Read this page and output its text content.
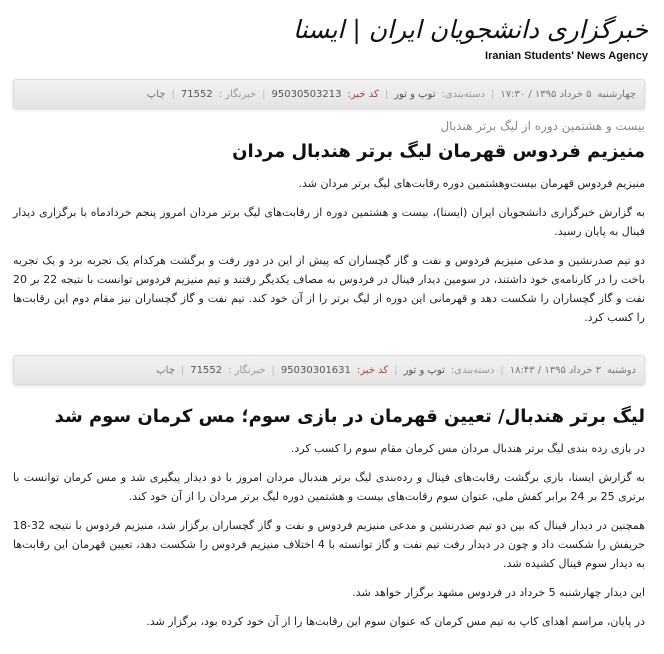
خبرگزاری دانشجویان ایران | ایسنا
Iranian Students' News Agency
چهارشنبه
۵ خرداد ۱۳۹۵ / ۱۷:۳۰
|
دسته‌بندی:
توپ و تور
|
کد خبر:
95030503213
|
خبرنگار :
71552
|
چاپ
بیست و هشتمین دوره از لیگ برتر هندبال
منیزیم فردوس قهرمان لیگ برتر هندبال مردان
منیزیم فردوس قهرمان بیست‌وهشتمین دوره رقابت‌های لیگ برتر مردان شد.
به گزارش خبرگزاری دانشجویان ایران (ایسنا)، بیست و هشتمین دوره از رقابت‌های لیگ برتر مردان امروز پنجم خردادماه با برگزاری دیدار فینال به پایان رسید.
دو تیم صدرنشین و مدعی منیزیم فردوس و نفت و گاز گچساران که پیش از این در دور رفت و برگشت هرکدام یک تجربه برد و یک تجربه باخت را در کارنامه‌ی خود داشتند، در سومین دیدار فینال در فردوس به مصاف یکدیگر رفتند و تیم منیزیم فردوس توانست با نتیجه 22 بر 20 نفت و گاز گچساران را شکست دهد و قهرمانی این دوره از لیگ برتر را از آن خود کند. تیم نفت و گاز گچساران نیز مقام دوم این رقابت‌ها را کسب کرد.
دوشنبه
۳ خرداد ۱۳۹۵ / ۱۸:۴۳
|
دسته‌بندی:
توپ و تور
|
کد خبر:
95030301631
|
خبرنگار :
71552
|
چاپ
لیگ برتر هندبال/ تعیین قهرمان در بازی سوم؛ مس کرمان سوم شد
در بازی رده بندی لیگ برتر هندبال مردان مس کرمان مقام سوم را کسب کرد.
به گزارش ایسنا، بازی برگشت رقابت‌های فینال و رده‌بندی لیگ برتر هندبال مردان امروز با دو دیدار پیگیری شد و مس کرمان توانست با برتری 25 بر 24 برابر کفش ملی، عنوان سوم رقابت‌های بیست و هشتمین دوره لیگ برتر مردان را از آن خود کند.
همچنین در دیدار فینال که بین دو تیم صدرنشین و مدعی منیزیم فردوس و نفت و گاز گچساران برگزار شد، منیزیم فردوس با نتیجه 32-18 حریفش را شکست داد و چون در دیدار رفت تیم نفت و گاز توانسته با 4 اختلاف منیزیم فردوس را شکست دهد، تعیین قهرمان این رقابت‌ها به دیدار سوم فینال کشیده شد.
این دیدار چهارشنبه 5 خرداد در فردوس مشهد برگزار خواهد شد.
در پایان، مراسم اهدای کاپ به تیم مس کرمان که عنوان سوم این رقابت‌ها را از آن خود کرده بود، برگزار شد.
